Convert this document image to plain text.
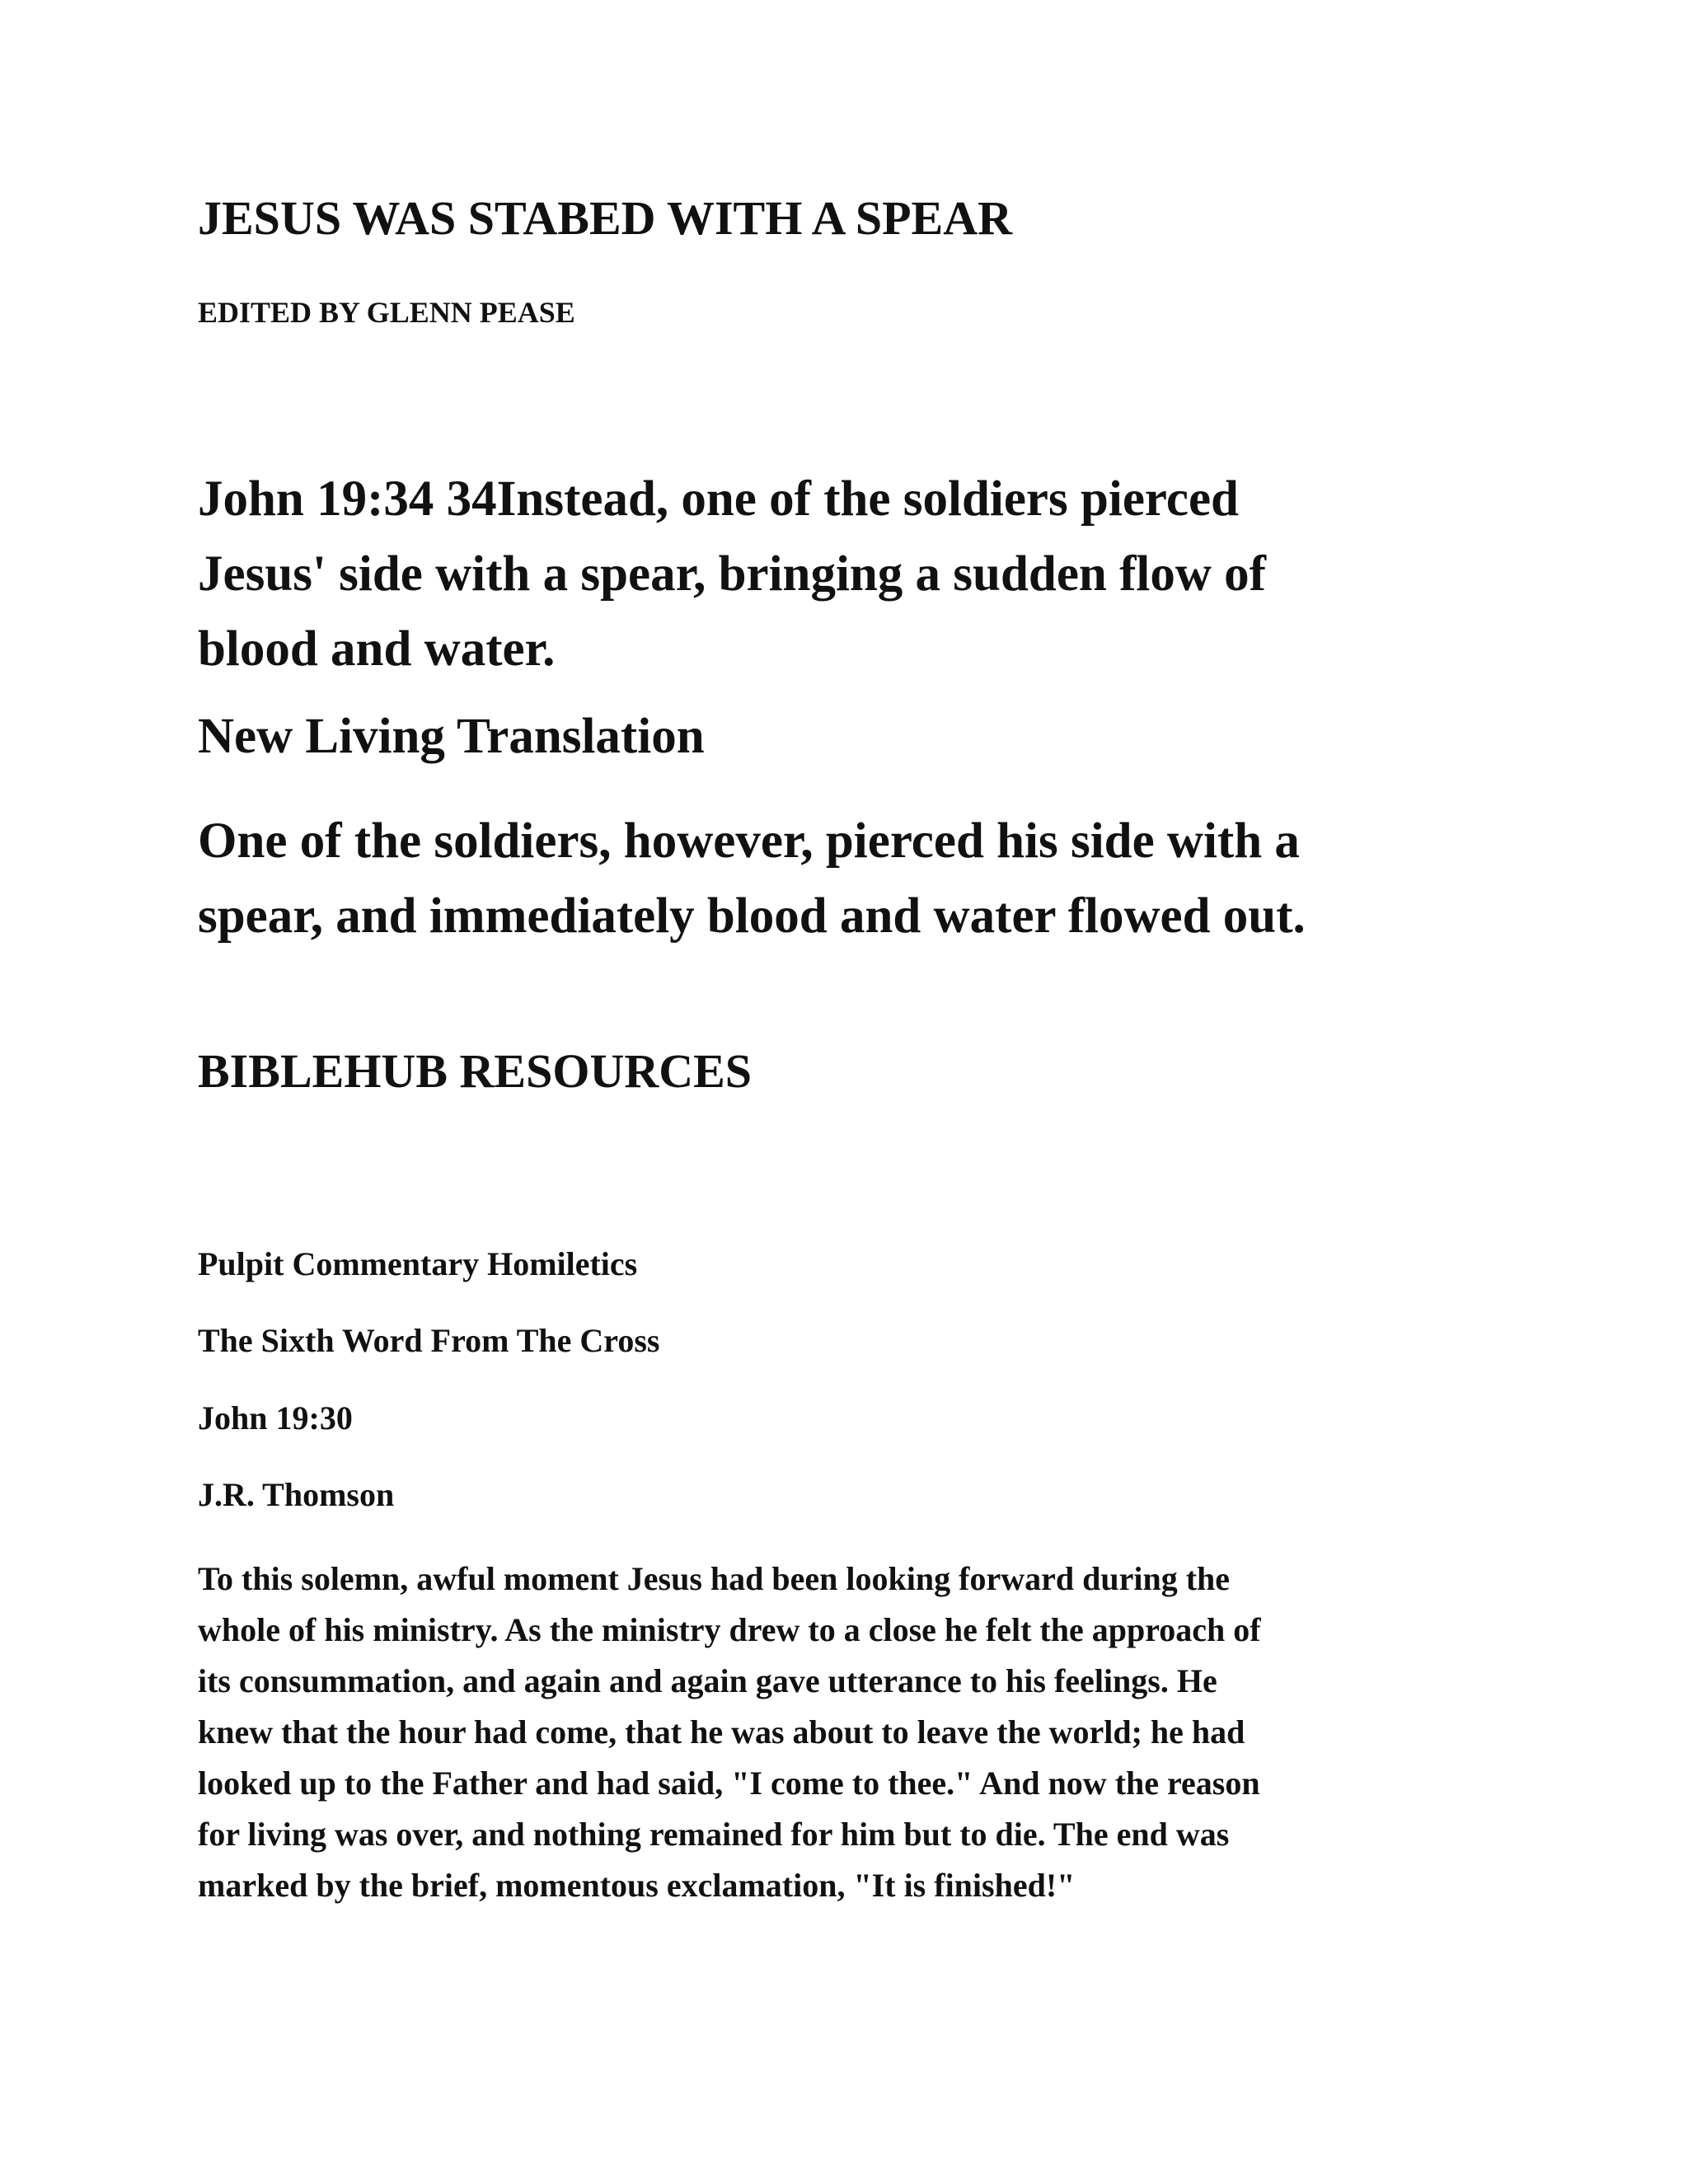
JESUS WAS STABED WITH A SPEAR
EDITED BY GLENN PEASE
John 19:34 34Instead, one of the soldiers pierced
Jesus' side with a spear, bringing a sudden flow of
blood and water.
New Living Translation
One of the soldiers, however, pierced his side with a
spear, and immediately blood and water flowed out.
BIBLEHUB RESOURCES
Pulpit Commentary Homiletics
The Sixth Word From The Cross
John 19:30
J.R. Thomson
To this solemn, awful moment Jesus had been looking forward during the
whole of his ministry. As the ministry drew to a close he felt the approach of
its consummation, and again and again gave utterance to his feelings. He
knew that the hour had come, that he was about to leave the world; he had
looked up to the Father and had said, "I come to thee." And now the reason
for living was over, and nothing remained for him but to die. The end was
marked by the brief, momentous exclamation, "It is finished!"
